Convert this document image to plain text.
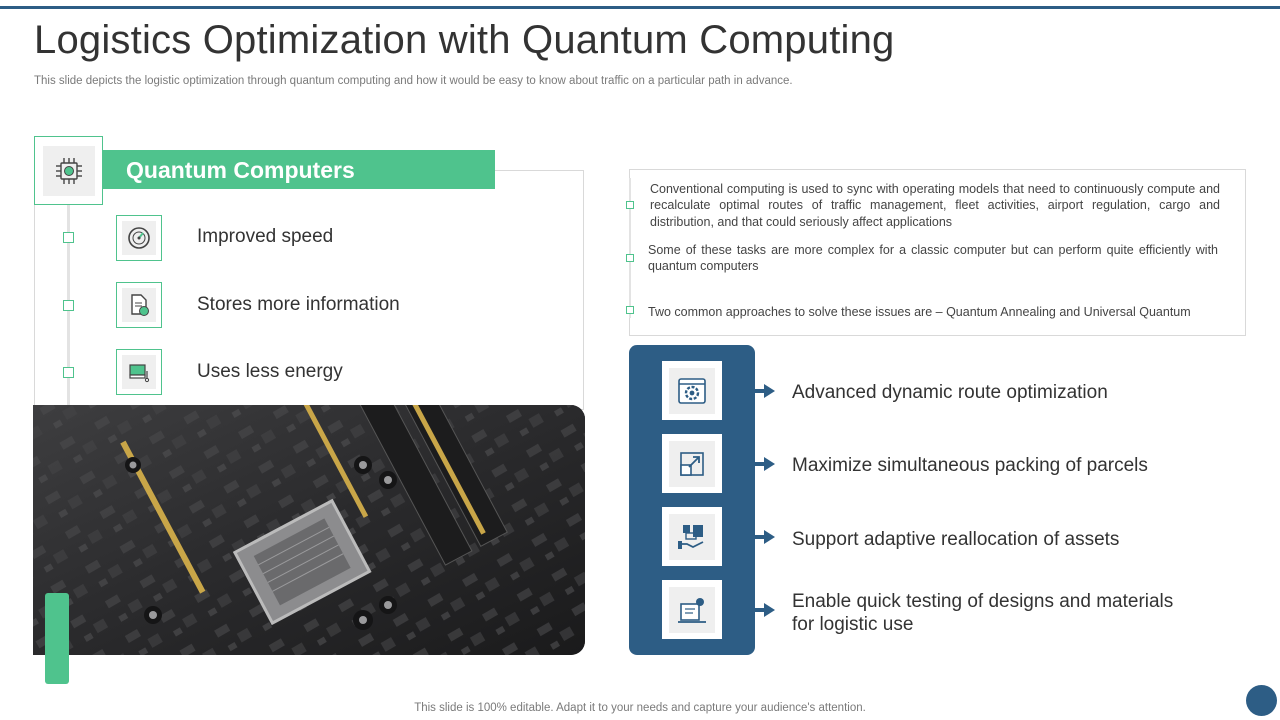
Logistics Optimization with Quantum Computing

This slide depicts the logistic optimization through quantum computing and how it would be easy to know about traffic on a particular path in advance.

Quantum Computers
Improved speed
Stores more information
Uses less energy

Conventional computing is used to sync with operating models that need to continuously compute and recalculate optimal routes of traffic management, fleet activities, airport regulation, cargo and distribution, and that could seriously affect applications

Some of these tasks are more complex for a classic computer but can perform quite efficiently with quantum computers

Two common approaches to solve these issues are – Quantum Annealing and Universal Quantum

Advanced dynamic route optimization
Maximize simultaneous packing of parcels
Support adaptive reallocation of assets
Enable quick testing of designs and materials for logistic use
This slide is 100% editable. Adapt it to your needs and capture your audience's attention.
